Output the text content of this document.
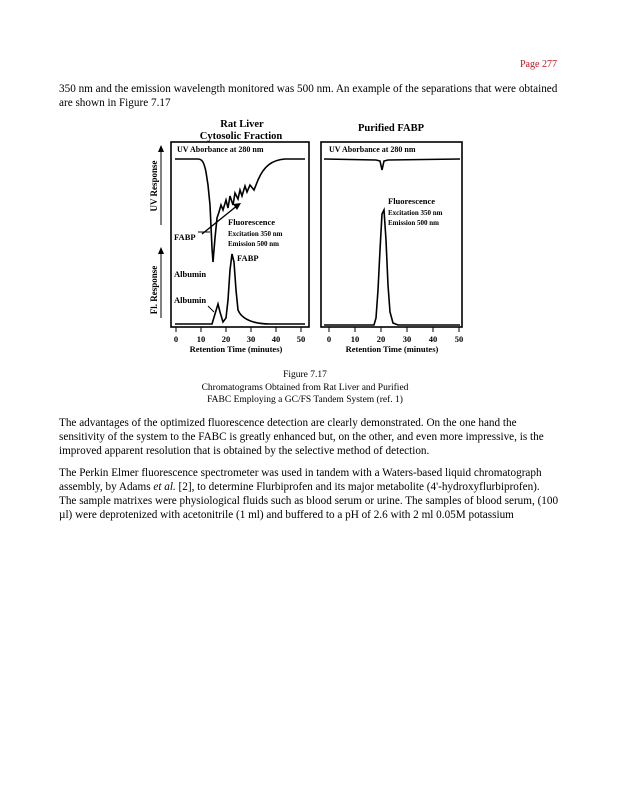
Page 277

350 nm and the emission wavelength monitored was 500 nm. An example of the separations that were obtained are shown in Figure 7.17

Rat Liver
Cytosolic Fraction
Purified FABP
UV Aborbance at 280 nm	UV Aborbance at 280 nm
UV Response
Fl. Response
FABP
Fluorescence
Excitation 350 nm
Emission 500 nm
FABP
Albumin
Albumin
Fluorescence
Excitation 350 nm
Emission 500 nm
0 10 20 30 40 50	0 10 20 30 40 50
Retention Time (minutes)	Retention Time (minutes)
Figure 7.17
Chromatograms Obtained from Rat Liver and Purified
FABC Employing a GC/FS Tandem System (ref. 1)

The advantages of the optimized fluorescence detection are clearly demonstrated. On the one hand the sensitivity of the system to the FABC is greatly enhanced but, on the other, and even more impressive, is the improved apparent resolution that is obtained by the selective method of detection.

The Perkin Elmer fluorescence spectrometer was used in tandem with a Waters-based liquid chromatograph assembly, by Adams et al. [2], to determine Flurbiprofen and its major metabolite (4'-hydroxyflurbiprofen). The sample matrixes were physiological fluids such as blood serum or urine. The samples of blood serum, (100 µl) were deprotenized with acetonitrile (1 ml) and buffered to a pH of 2.6 with 2 ml 0.05M potassium
